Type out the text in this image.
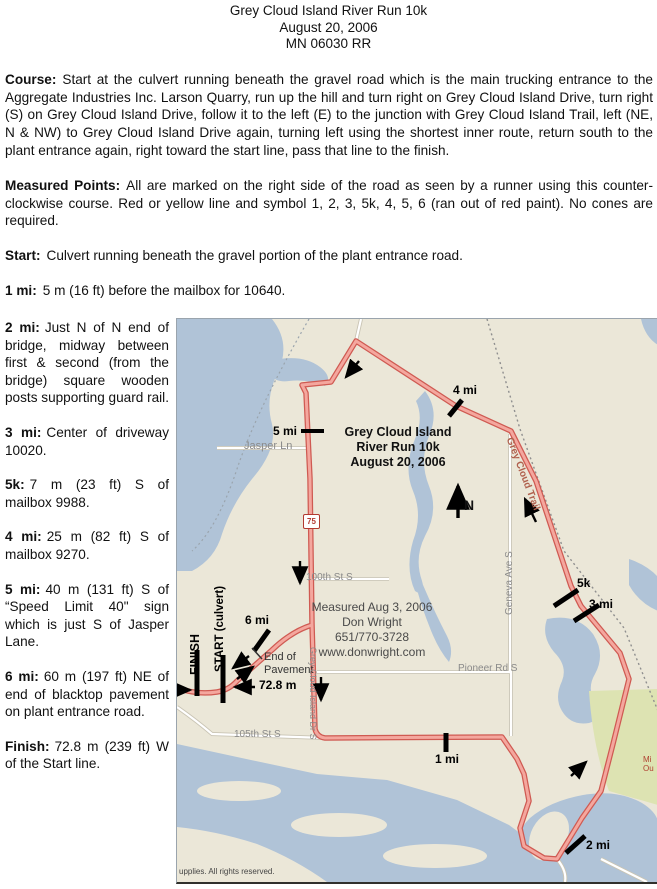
Grey Cloud Island River Run 10k
August 20, 2006
MN 06030 RR
Course: Start at the culvert running beneath the gravel road which is the main trucking entrance to the Aggregate Industries Inc. Larson Quarry, run up the hill and turn right on Grey Cloud Island Drive, turn right (S) on Grey Cloud Island Drive, follow it to the left (E) to the junction with Grey Cloud Island Trail, left (NE, N & NW) to Grey Cloud Island Drive again, turning left using the shortest inner route, return south to the plant entrance again, right toward the start line, pass that line to the finish.
Measured Points: All are marked on the right side of the road as seen by a runner using this counter-clockwise course. Red or yellow line and symbol 1, 2, 3, 5k, 4, 5, 6 (ran out of red paint). No cones are required.
Start: Culvert running beneath the gravel portion of the plant entrance road.
1 mi: 5 m (16 ft) before the mailbox for 10640.

2 mi: Just N of N end of bridge, midway between first & second (from the bridge) square wooden posts supporting guard rail.

3 mi: Center of driveway 10020.

5k: 7 m (23 ft) S of mailbox 9988.

4 mi: 25 m (82 ft) S of mailbox 9270.

5 mi: 40 m (131 ft) S of “Speed Limit 40" sign which is just S of Jasper Lane.

6 mi: 60 m (197 ft) NE of end of blacktop pavement on plant entrance road.

Finish: 72.8 m (239 ft) W of the Start line.

Grey Cloud Island
River Run 10k
August 20, 2006
Measured Aug 3, 2006
Don Wright
651/770-3728
www.donwright.com
4 mi
5 mi
5k
3 mi
6 mi
1 mi
2 mi
FINISH START (culvert)
72.8 m
End of
Pavement
Jasper Ln
100th St S
105th St S
Pioneer Rd S
Geneva Ave S
Grey Cloud Island Dr S
Grey Cloud Trail
75
N
Mi
Ou
upplies. All rights reserved.
